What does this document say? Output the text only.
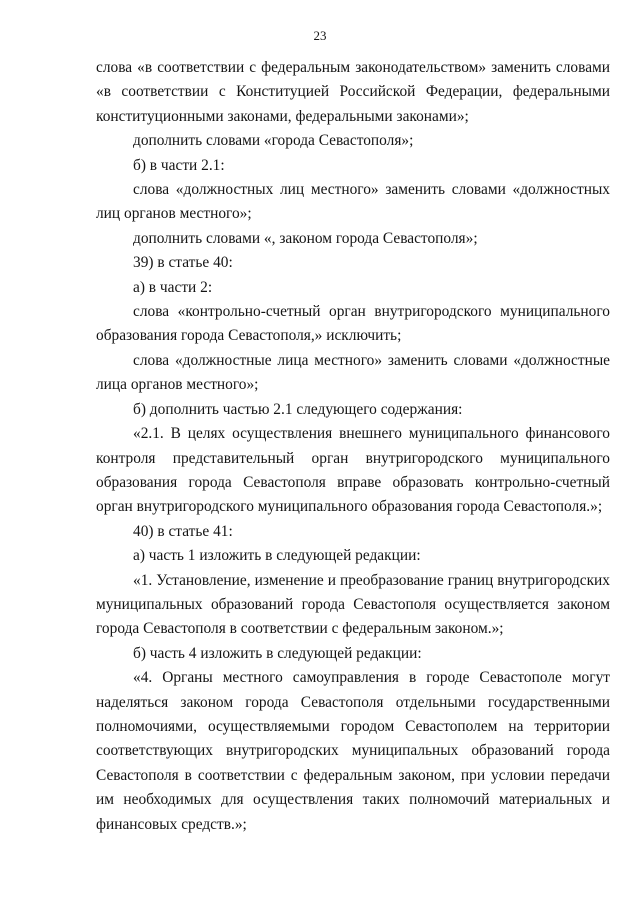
23

слова «в соответствии с федеральным законодательством» заменить словами «в соответствии с Конституцией Российской Федерации, федеральными конституционными законами, федеральными законами»;

дополнить словами «города Севастополя»;

б) в части 2.1:

слова «должностных лиц местного» заменить словами «должностных лиц органов местного»;

дополнить словами «, законом города Севастополя»;

39) в статье 40:

а) в части 2:

слова «контрольно-счетный орган внутригородского муниципального образования города Севастополя,» исключить;

слова «должностные лица местного» заменить словами «должностные лица органов местного»;

б) дополнить частью 2.1 следующего содержания:

«2.1. В целях осуществления внешнего муниципального финансового контроля представительный орган внутригородского муниципального образования города Севастополя вправе образовать контрольно-счетный орган внутригородского муниципального образования города Севастополя.»;

40) в статье 41:

а) часть 1 изложить в следующей редакции:

«1. Установление, изменение и преобразование границ внутригородских муниципальных образований города Севастополя осуществляется законом города Севастополя в соответствии с федеральным законом.»;

б) часть 4 изложить в следующей редакции:

«4. Органы местного самоуправления в городе Севастополе могут наделяться законом города Севастополя отдельными государственными полномочиями, осуществляемыми городом Севастополем на территории соответствующих внутригородских муниципальных образований города Севастополя в соответствии с федеральным законом, при условии передачи им необходимых для осуществления таких полномочий материальных и финансовых средств.»;
